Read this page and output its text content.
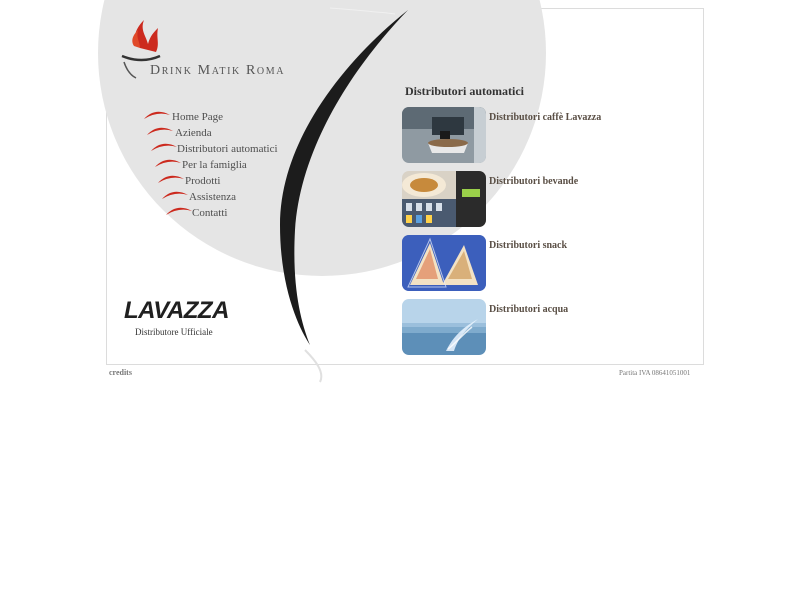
Drink Matik Roma
Home Page
Azienda
Distributori automatici
Per la famiglia
Prodotti
Assistenza
Contatti
LAVAZZA
Distributore Ufficiale
Distributori automatici
Distributori caffè Lavazza
Distributori bevande
Distributori snack
Distributori acqua
credits	Partita IVA 08641051001
